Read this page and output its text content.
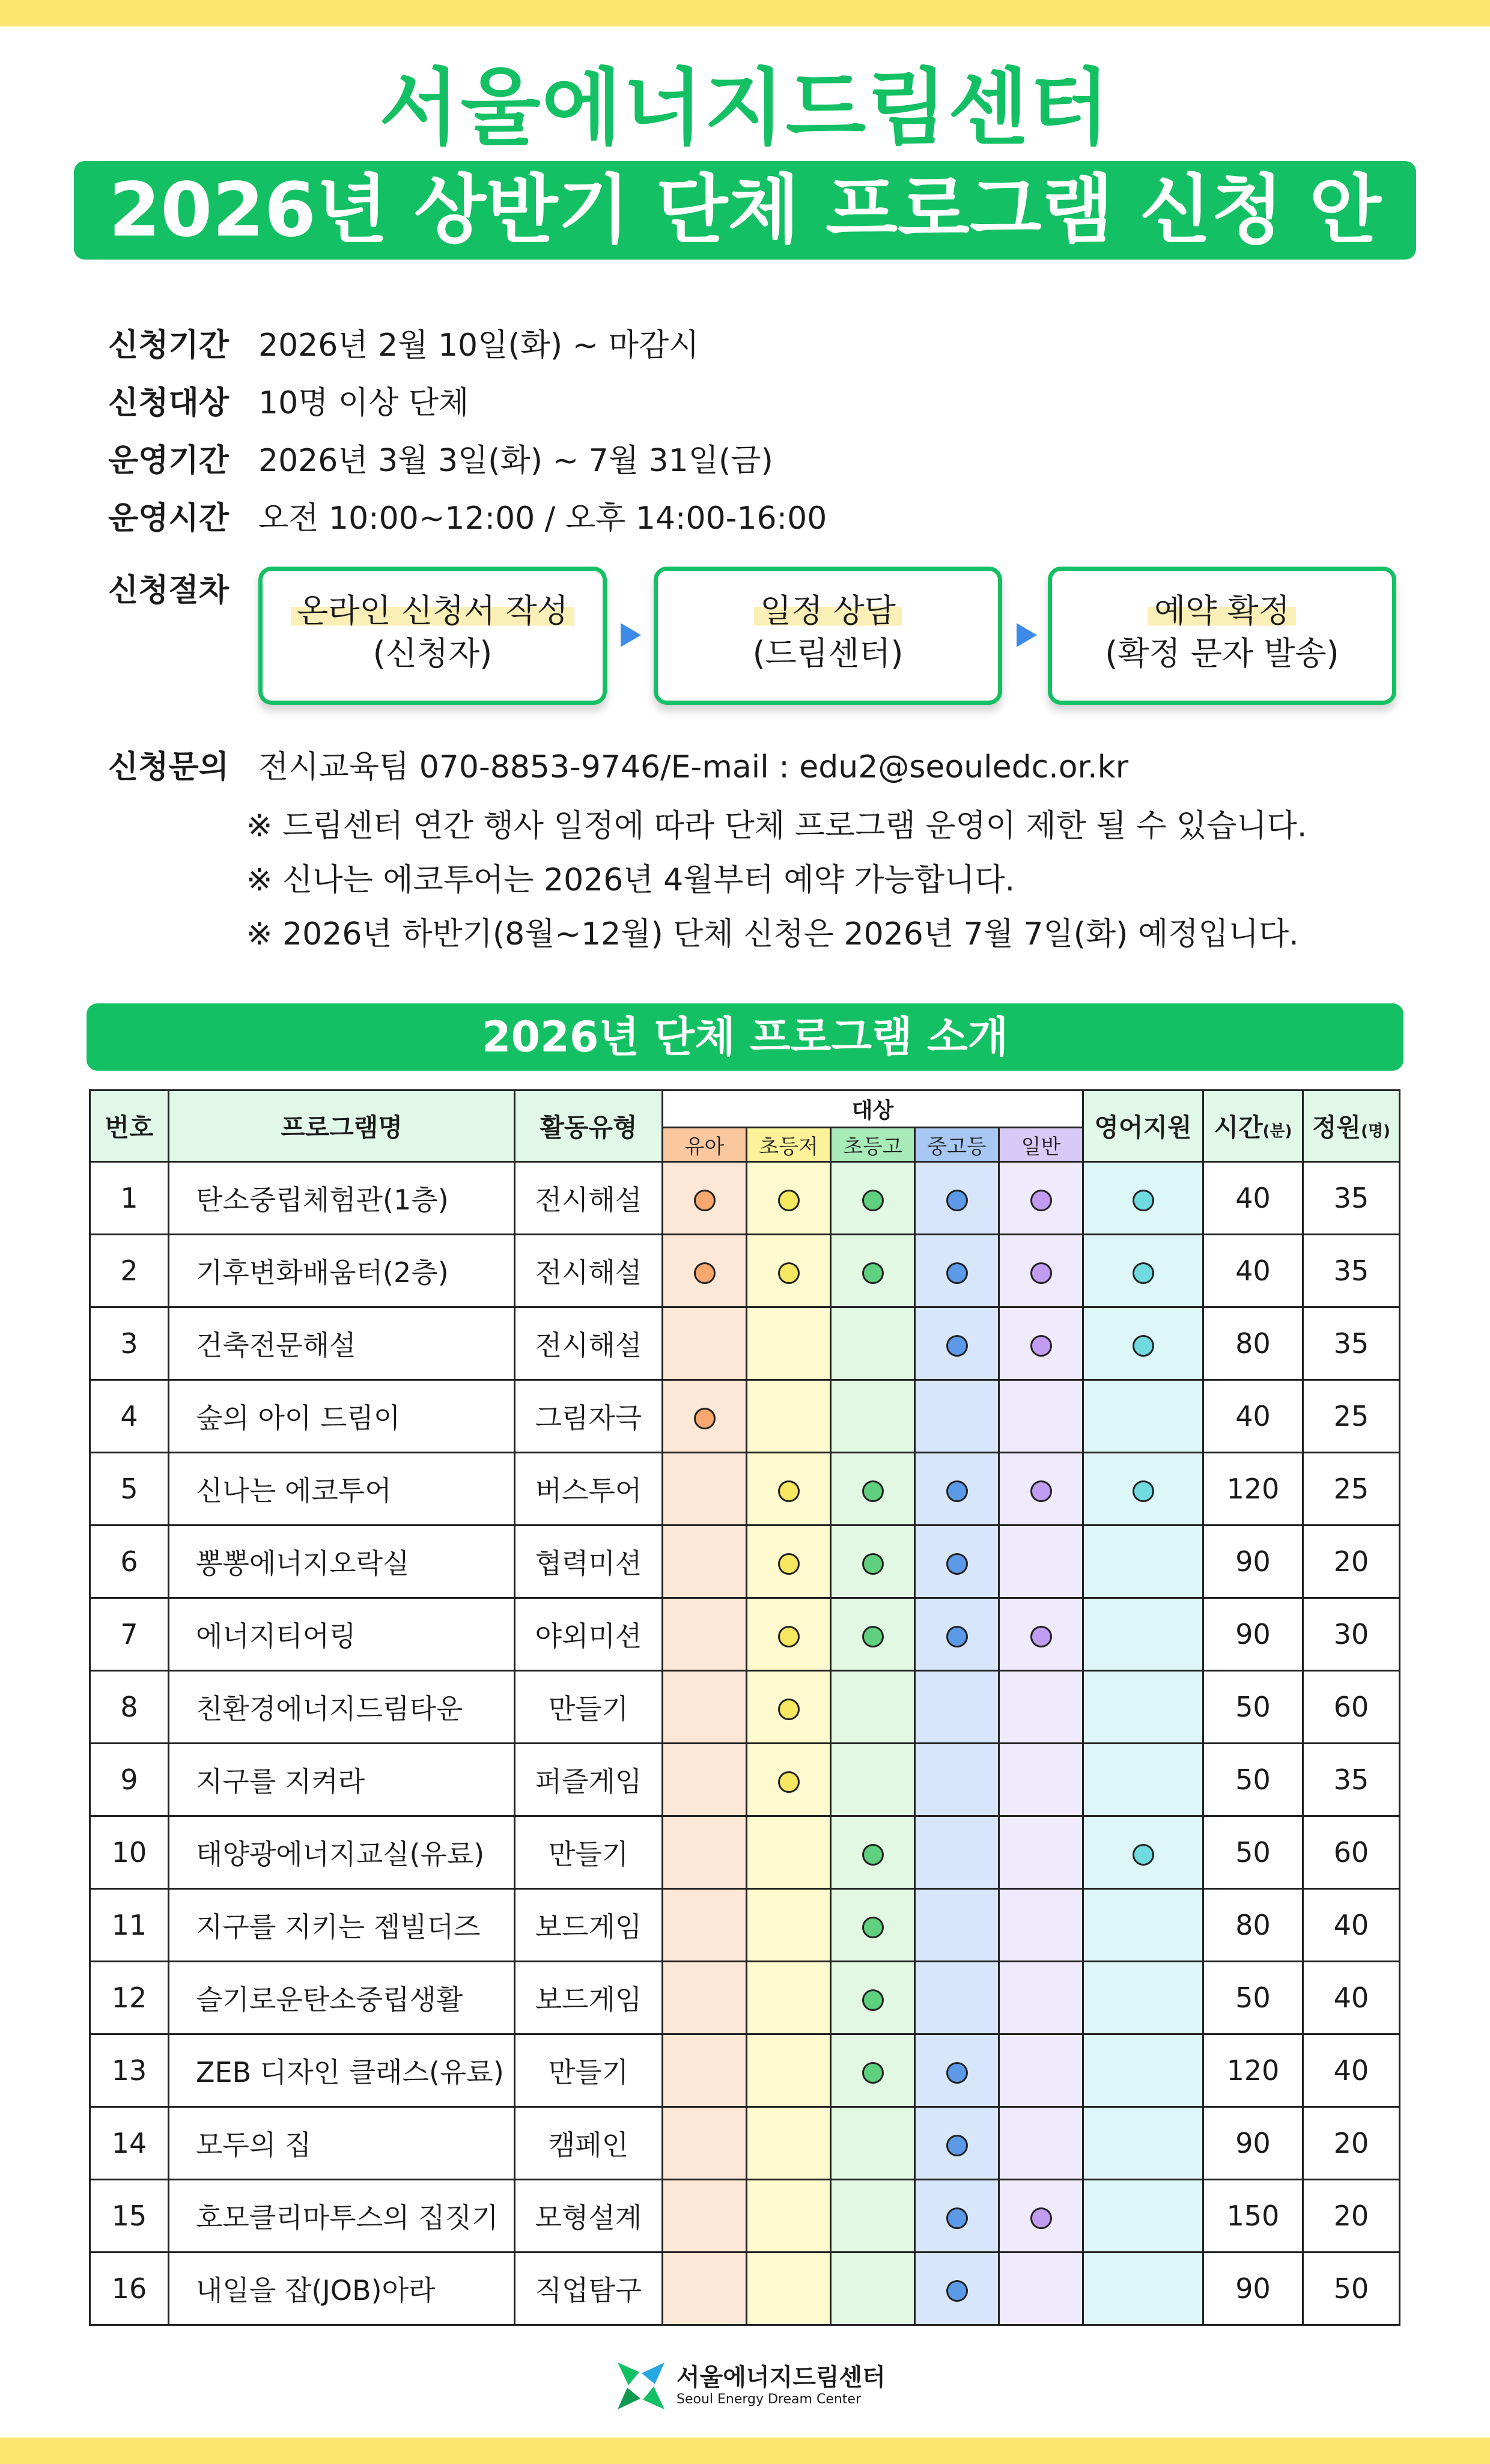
서울에너지드림센터
2026년 상반기 단체 프로그램 신청 안내
신청기간 2026년 2월 10일(화) ~ 마감시
신청대상 10명 이상 단체
운영기간 2026년 3월 3일(화) ~ 7월 31일(금)
운영시간 오전 10:00~12:00 / 오후 14:00-16:00
신청절차
온라인 신청서 작성
(신청자)
일정 상담
(드림센터)
예약 확정
(확정 문자 발송)
신청문의 전시교육팀 070-8853-9746/E-mail : edu2@seouledc.or.kr
※ 드림센터 연간 행사 일정에 따라 단체 프로그램 운영이 제한 될 수 있습니다.
※ 신나는 에코투어는 2026년 4월부터 예약 가능합니다.
※ 2026년 하반기(8월~12월) 단체 신청은 2026년 7월 7일(화) 예정입니다.
2026년 단체 프로그램 소개
번호	프로그램명	활동유형	대상					영어지원	시간(분)	정원(명)
			유아	초등저	초등고	중고등	일반			
1	탄소중립체험관(1층)	전시해설							40	35
2	기후변화배움터(2층)	전시해설							40	35
3	건축전문해설	전시해설							80	35
4	숲의 아이 드림이	그림자극							40	25
5	신나는 에코투어	버스투어							120	25
6	뽕뽕에너지오락실	협력미션							90	20
7	에너지티어링	야외미션							90	30
8	친환경에너지드림타운	만들기							50	60
9	지구를 지켜라	퍼즐게임							50	35
10	태양광에너지교실(유료)	만들기							50	60
11	지구를 지키는 젭빌더즈	보드게임							80	40
12	슬기로운탄소중립생활	보드게임							50	40
13	ZEB 디자인 클래스(유료)	만들기							120	40
14	모두의 집	캠페인							90	20
15	호모클리마투스의 집짓기	모형설계							150	20
16	내일을 잡(JOB)아라	직업탐구							90	50
서울에너지드림센터
Seoul Energy Dream Center
